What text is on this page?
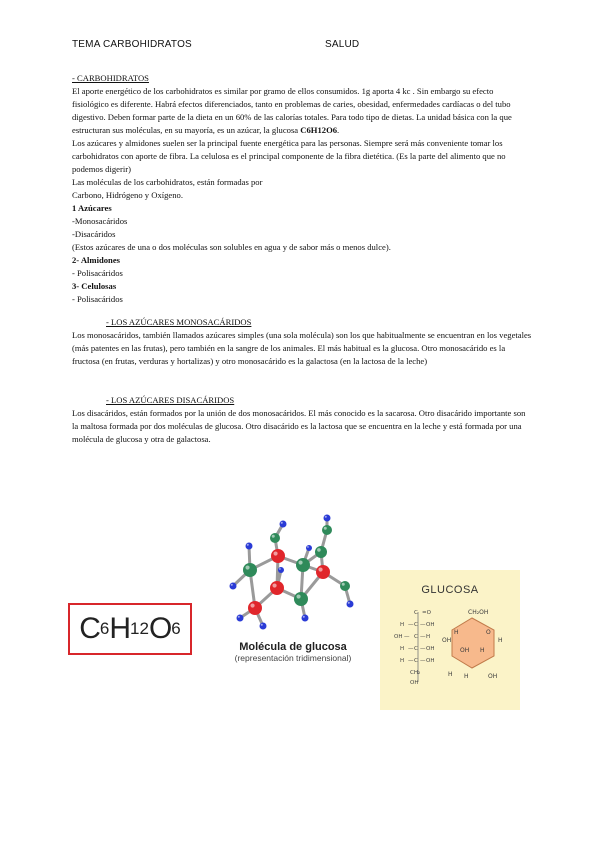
TEMA CARBOHIDRATOS	SALUD

- CARBOHIDRATOS

El aporte energético de los carbohidratos es similar por gramo de ellos consumidos. 1g aporta 4 kc . Sin embargo su efecto fisiológico es diferente. Habrá efectos diferenciados, tanto en problemas de caries, obesidad, enfermedades cardíacas o del tubo digestivo. Deben formar parte de la dieta en un 60% de las calorías totales. Para todo tipo de dietas. La unidad básica con la que estructuran sus moléculas, en su mayoría, es un azúcar, la glucosa C6H12O6.

Los azúcares y almidones suelen ser la principal fuente energética para las personas. Siempre será más conveniente tomar los carbohidratos con aporte de fibra. La celulosa es el principal componente de la fibra dietética. (Es la parte del alimento que no podemos digerir)

Las moléculas de los carbohidratos, están formadas por

Carbono, Hidrógeno y Oxígeno.

1 Azúcares

-Monosacáridos

-Disacáridos

(Estos azúcares de una o dos moléculas son solubles en agua y de sabor más o menos dulce).

2- Almidones

- Polisacáridos

3- Celulosas

- Polisacáridos

- LOS AZÚCARES MONOSACÁRIDOS

Los monosacáridos, también llamados azúcares simples (una sola molécula) son los que habitualmente se encuentran en los vegetales (más patentes en las frutas), pero también en la sangre de los animales. El más habitual es la glucosa. Otro monosacárido es la fructosa (en frutas, verduras y hortalizas) y otro monosacárido es la galactosa (en la lactosa de la leche)

- LOS AZÚCARES DISACÁRIDOS

Los disacáridos, están formados por la unión de dos monosacáridos. El más conocido es la sacarosa. Otro disacárido importante son la maltosa formada por dos moléculas de glucosa. Otro disacárido es la lactosa que se encuentra en la leche y está formada por una molécula de glucosa y otra de galactosa.

C 6 H 12 O 6
Molécula de glucosa
(representación tridimensional)
GLUCOSA
C =O
H — C — OH
OH — C — H
H — C — OH
H — C — OH
CH₂
OH
CH₂OH
H	O
OH	H
OH H
H	OH
H
